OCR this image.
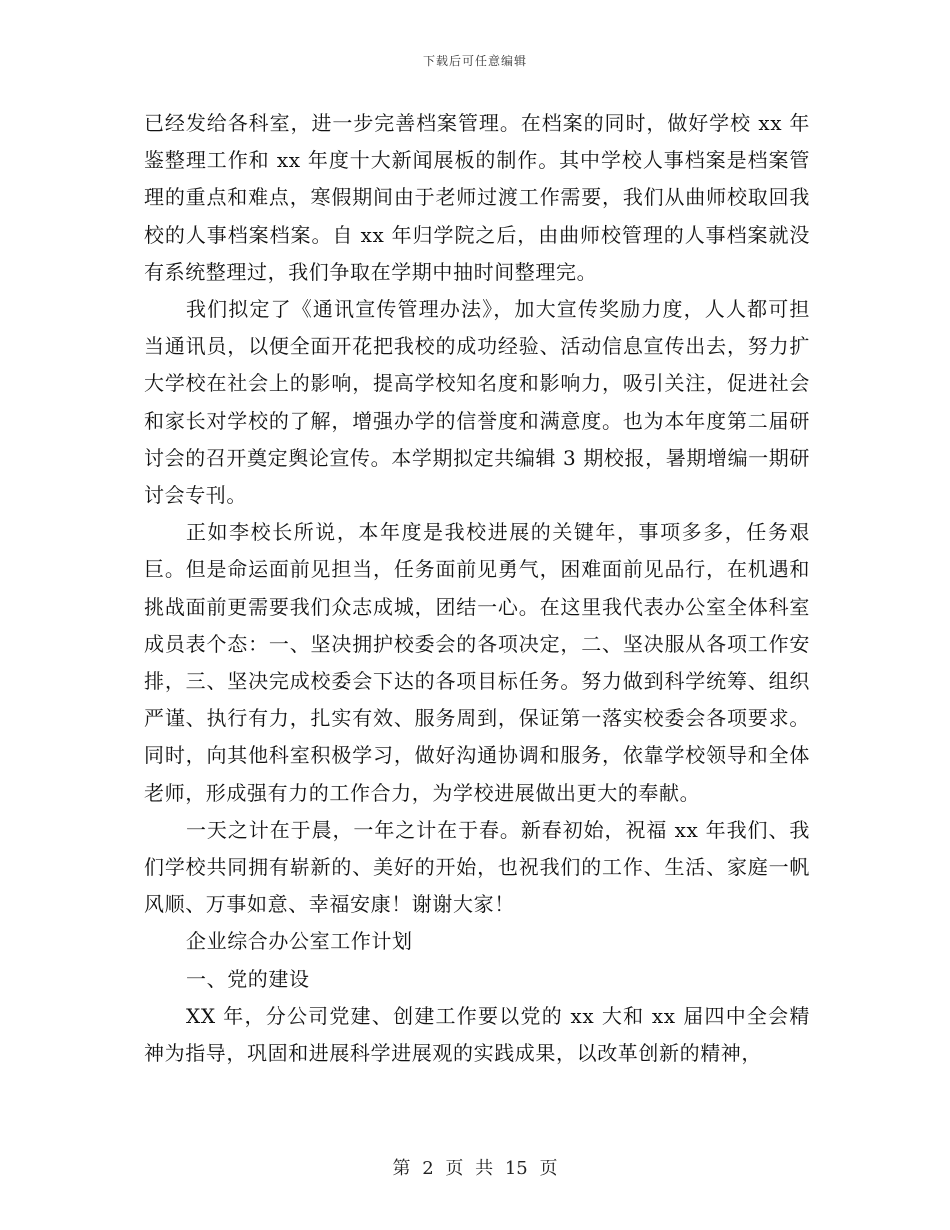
下载后可任意编辑

已经发给各科室，进一步完善档案管理。在档案的同时，做好学校 xx 年鉴整理工作和 xx 年度十大新闻展板的制作。其中学校人事档案是档案管理的重点和难点，寒假期间由于老师过渡工作需要，我们从曲师校取回我校的人事档案档案。自 xx 年归学院之后，由曲师校管理的人事档案就没有系统整理过，我们争取在学期中抽时间整理完。

我们拟定了《通讯宣传管理办法》，加大宣传奖励力度，人人都可担当通讯员，以便全面开花把我校的成功经验、活动信息宣传出去，努力扩大学校在社会上的影响，提高学校知名度和影响力，吸引关注，促进社会和家长对学校的了解，增强办学的信誉度和满意度。也为本年度第二届研讨会的召开奠定舆论宣传。本学期拟定共编辑 3 期校报，暑期增编一期研讨会专刊。

正如李校长所说，本年度是我校进展的关键年，事项多多，任务艰巨。但是命运面前见担当，任务面前见勇气，困难面前见品行，在机遇和挑战面前更需要我们众志成城，团结一心。在这里我代表办公室全体科室成员表个态：一、坚决拥护校委会的各项决定，二、坚决服从各项工作安排，三、坚决完成校委会下达的各项目标任务。努力做到科学统筹、组织严谨、执行有力，扎实有效、服务周到，保证第一落实校委会各项要求。同时，向其他科室积极学习，做好沟通协调和服务，依靠学校领导和全体老师，形成强有力的工作合力，为学校进展做出更大的奉献。

一天之计在于晨，一年之计在于春。新春初始，祝福 xx 年我们、我们学校共同拥有崭新的、美好的开始，也祝我们的工作、生活、家庭一帆风顺、万事如意、幸福安康！谢谢大家！

企业综合办公室工作计划

一、党的建设

XX 年，分公司党建、创建工作要以党的 xx 大和 xx 届四中全会精神为指导，巩固和进展科学进展观的实践成果，以改革创新的精神，

第 2 页 共 15 页
